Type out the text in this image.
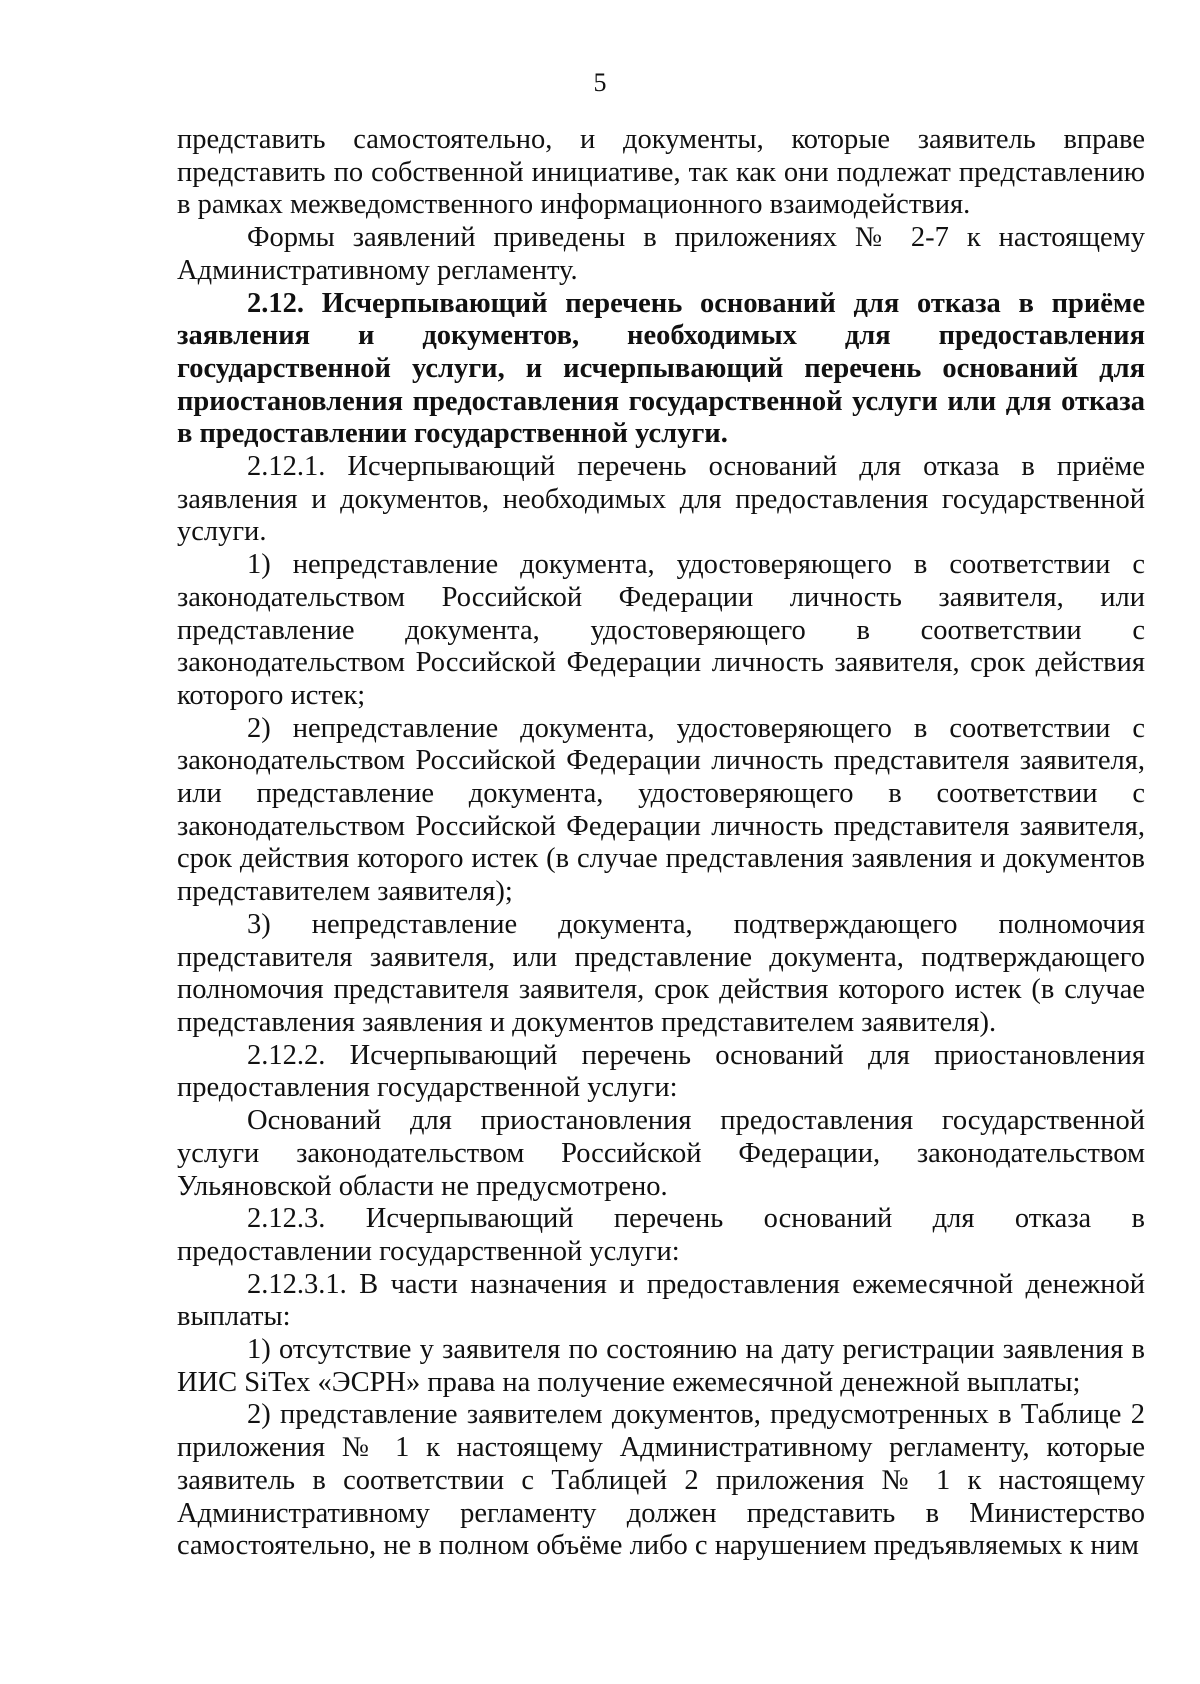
5

представить самостоятельно, и документы, которые заявитель вправе представить по собственной инициативе, так как они подлежат представлению в рамках межведомственного информационного взаимодействия.

Формы заявлений приведены в приложениях № 2-7 к настоящему Административному регламенту.

2.12. Исчерпывающий перечень оснований для отказа в приёме заявления и документов, необходимых для предоставления государственной услуги, и исчерпывающий перечень оснований для приостановления предоставления государственной услуги или для отказа в предоставлении государственной услуги.

2.12.1. Исчерпывающий перечень оснований для отказа в приёме заявления и документов, необходимых для предоставления государственной услуги.

1) непредставление документа, удостоверяющего в соответствии с законодательством Российской Федерации личность заявителя, или представление документа, удостоверяющего в соответствии с законодательством Российской Федерации личность заявителя, срок действия которого истек;

2) непредставление документа, удостоверяющего в соответствии с законодательством Российской Федерации личность представителя заявителя, или представление документа, удостоверяющего в соответствии с законодательством Российской Федерации личность представителя заявителя, срок действия которого истек (в случае представления заявления и документов представителем заявителя);

3) непредставление документа, подтверждающего полномочия представителя заявителя, или представление документа, подтверждающего полномочия представителя заявителя, срок действия которого истек (в случае представления заявления и документов представителем заявителя).

2.12.2. Исчерпывающий перечень оснований для приостановления предоставления государственной услуги:

Оснований для приостановления предоставления государственной услуги законодательством Российской Федерации, законодательством Ульяновской области не предусмотрено.

2.12.3. Исчерпывающий перечень оснований для отказа в предоставлении государственной услуги:

2.12.3.1. В части назначения и предоставления ежемесячной денежной выплаты:

1) отсутствие у заявителя по состоянию на дату регистрации заявления в ИИС SiTex «ЭСРН» права на получение ежемесячной денежной выплаты;

2) представление заявителем документов, предусмотренных в Таблице 2 приложения № 1 к настоящему Административному регламенту, которые заявитель в соответствии с Таблицей 2 приложения № 1 к настоящему Административному регламенту должен представить в Министерство самостоятельно, не в полном объёме либо с нарушением предъявляемых к ним
